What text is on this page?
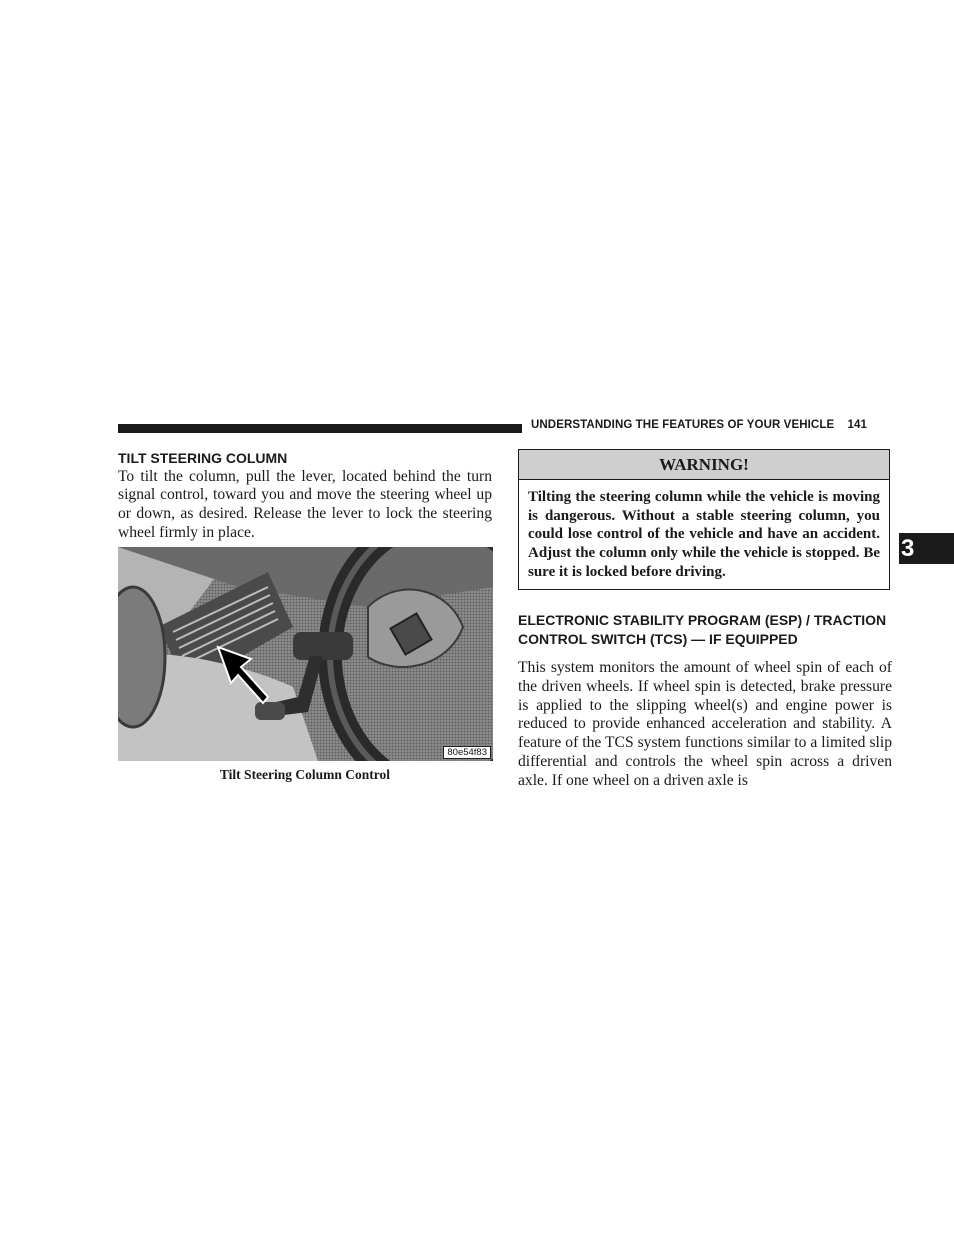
UNDERSTANDING THE FEATURES OF YOUR VEHICLE 141
TILT STEERING COLUMN

To tilt the column, pull the lever, located behind the turn signal control, toward you and move the steering wheel up or down, as desired. Release the lever to lock the steering wheel firmly in place.

80e54f83
Tilt Steering Column Control
WARNING!

Tilting the steering column while the vehicle is moving is dangerous. Without a stable steering column, you could lose control of the vehicle and have an accident. Adjust the column only while the vehicle is stopped. Be sure it is locked before driving.

ELECTRONIC STABILITY PROGRAM (ESP) / TRACTION CONTROL SWITCH (TCS) — IF EQUIPPED

This system monitors the amount of wheel spin of each of the driven wheels. If wheel spin is detected, brake pressure is applied to the slipping wheel(s) and engine power is reduced to provide enhanced acceleration and stability. A feature of the TCS system functions similar to a limited slip differential and controls the wheel spin across a driven axle. If one wheel on a driven axle is

3
